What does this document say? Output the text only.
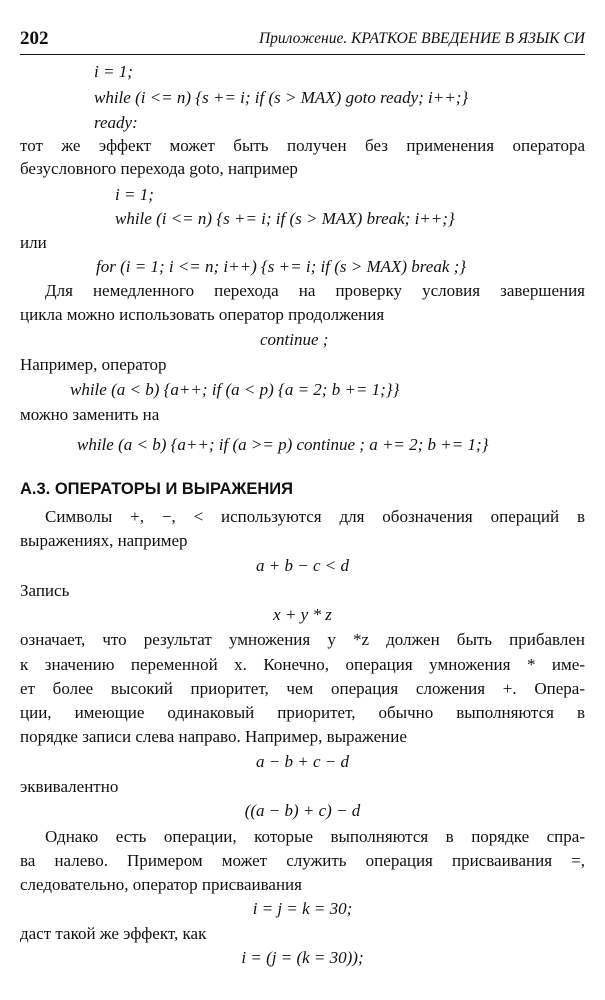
202	Приложение. КРАТКОЕ ВВЕДЕНИЕ В ЯЗЫК СИ
i = 1;
while (i <= n) {s += i; if (s > MAX) goto ready; i++;}
ready:
тот же эффект может быть получен без применения оператора
безусловного перехода goto, например
i = 1;
while (i <= n) {s += i; if (s > MAX) break; i++;}
или
for (i = 1; i <= n; i++) {s += i; if (s > MAX) break ;}
Для немедленного перехода на проверку условия завершения
цикла можно использовать оператор продолжения
continue ;
Например, оператор
while (a < b) {a++; if (a < p) {a = 2; b += 1;}}
можно заменить на
while (a < b) {a++; if (a >= p) continue ; a += 2; b += 1;}
А.3. ОПЕРАТОРЫ И ВЫРАЖЕНИЯ
Символы +, −, < используются для обозначения операций в
выражениях, например
a + b − c < d
Запись
x + y * z
означает, что результат умножения y *z должен быть прибавлен
к значению переменной x. Конечно, операция умножения * име-
ет более высокий приоритет, чем операция сложения +. Опера-
ции, имеющие одинаковый приоритет, обычно выполняются в
порядке записи слева направо. Например, выражение
a − b + c − d
эквивалентно
((a − b) + c) − d
Однако есть операции, которые выполняются в порядке спра-
ва налево. Примером может служить операция присваивания =,
следовательно, оператор присваивания
i = j = k = 30;
даст такой же эффект, как
i = (j = (k = 30));
